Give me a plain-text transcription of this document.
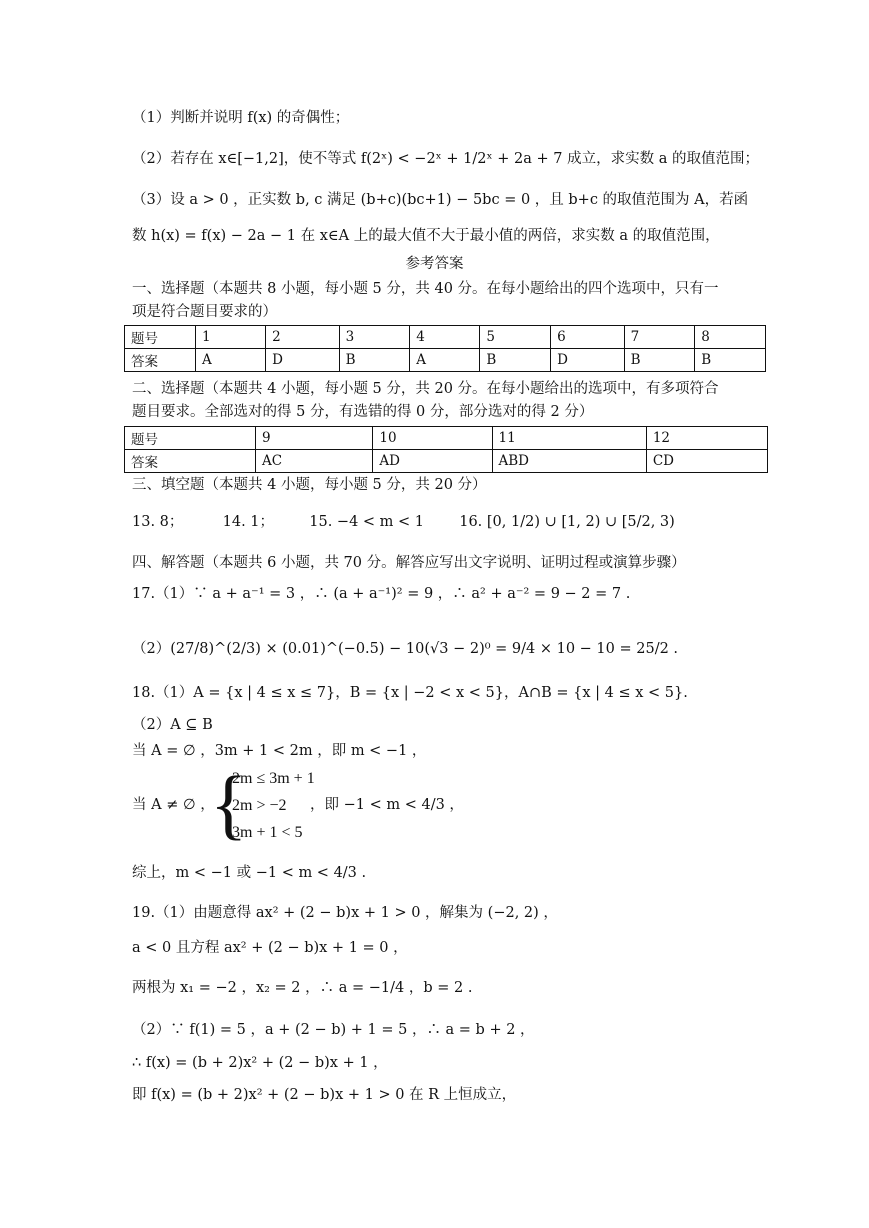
（1）判断并说明 f(x) 的奇偶性；
（2）若存在 x∈[−1,2]，使不等式 f(2ˣ) < −2ˣ + 1/2ˣ + 2a + 7 成立，求实数 a 的取值范围；
（3）设 a > 0 ，正实数 b, c 满足 (b+c)(bc+1) − 5bc = 0 ，且 b+c 的取值范围为 A，若函
数 h(x) = f(x) − 2a − 1 在 x∈A 上的最大值不大于最小值的两倍，求实数 a 的取值范围，
参考答案
一、选择题（本题共 8 小题，每小题 5 分，共 40 分。在每小题给出的四个选项中，只有一
项是符合题目要求的）
题号	1	2	3	4	5	6	7	8
答案	A	D	B	A	B	D	B	B
二、选择题（本题共 4 小题，每小题 5 分，共 20 分。在每小题给出的选项中，有多项符合
题目要求。全部选对的得 5 分，有选错的得 0 分，部分选对的得 2 分）
题号	9	10	11	12
答案	AC	AD	ABD	CD
三、填空题（本题共 4 小题，每小题 5 分，共 20 分）
13. 8；	14. 1； 15. −4 < m < 1 16. [0, 1/2) ∪ [1, 2) ∪ [5/2, 3)
四、解答题（本题共 6 小题，共 70 分。解答应写出文字说明、证明过程或演算步骤）
17.（1）∵ a + a⁻¹ = 3 ，∴ (a + a⁻¹)² = 9 ，∴ a² + a⁻² = 9 − 2 = 7 .
（2）(27/8)^(2/3) × (0.01)^(−0.5) − 10(√3 − 2)⁰ = 9/4 × 10 − 10 = 25/2 .
18.（1）A = {x | 4 ≤ x ≤ 7}，B = {x | −2 < x < 5}，A∩B = {x | 4 ≤ x < 5}.
（2）A ⊆ B
当 A = ∅ ，3m + 1 < 2m ，即 m < −1 ，
当 A ≠ ∅ ，
{
2m ≤ 3m + 1
2m > −2
3m + 1 < 5
，即 −1 < m < 4/3 ，
综上，m < −1 或 −1 < m < 4/3 .
19.（1）由题意得 ax² + (2 − b)x + 1 > 0 ，解集为 (−2, 2) ，
a < 0 且方程 ax² + (2 − b)x + 1 = 0 ，
两根为 x₁ = −2 ，x₂ = 2 ，∴ a = −1/4 ，b = 2 .
（2）∵ f(1) = 5 ，a + (2 − b) + 1 = 5 ，∴ a = b + 2 ，
∴ f(x) = (b + 2)x² + (2 − b)x + 1 ，
即 f(x) = (b + 2)x² + (2 − b)x + 1 > 0 在 R 上恒成立，
